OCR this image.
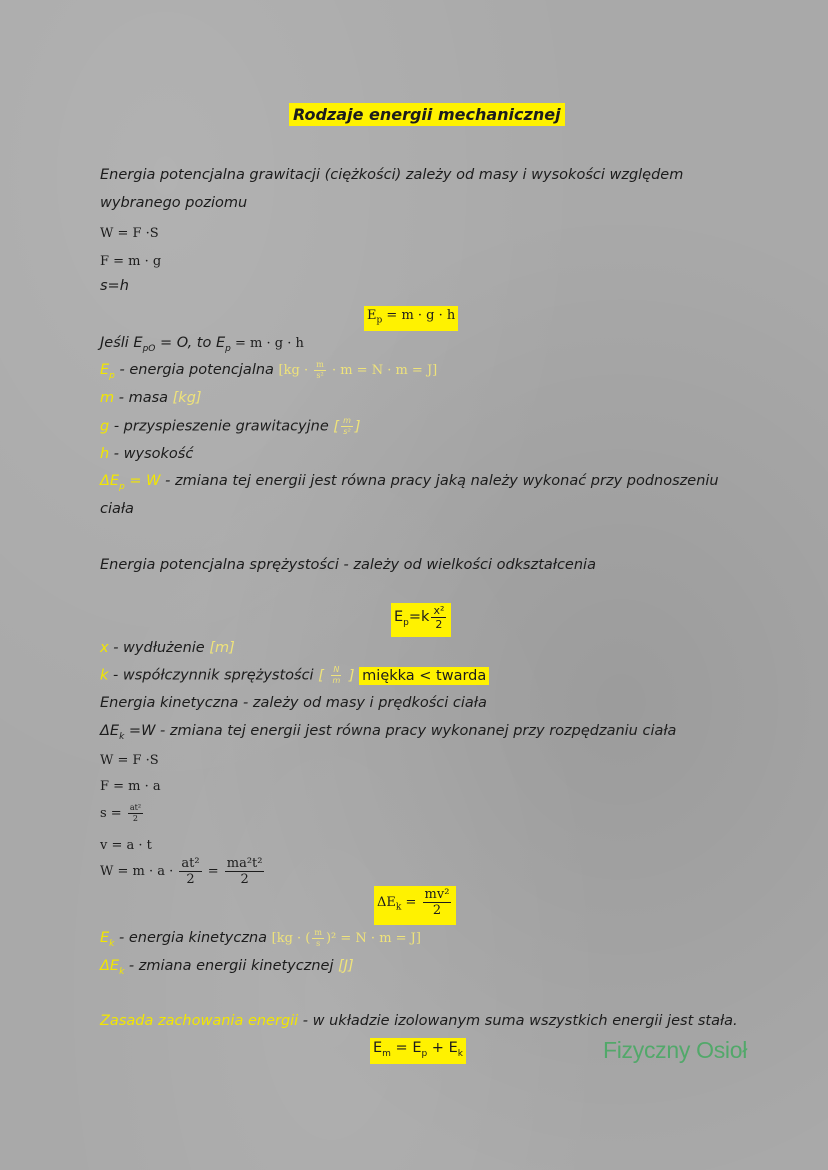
Rodzaje energii mechanicznej
Energia potencjalna grawitacji (ciężkości) zależy od masy i wysokości względem
wybranego poziomu
W = F ·S
F = m · g
s=h
$E_p = m \cdot g \cdot h$
Jeśli $E_{pO} = O$, to $E_p = m \cdot g \cdot h$
$E_p$ - energia potencjalna $[kg \cdot \frac{m}{\text{s²}} \cdot m = N \cdot m = J]$
m - masa [kg]
g - przyspieszenie grawitacyjne [ $\frac{m}{\text{s²}}$ ]
h - wysokość
$\Delta E_p = W$ - zmiana tej energii jest równa pracy jaką należy wykonać przy podnoszeniu
ciała
Energia potencjalna sprężystości - zależy od wielkości odkształcenia
$E_p=k \frac{\text{x²}}{2}$
x - wydłużenie [m]
k - współczynnik sprężystości [ $\frac{N}{m}$ ] miękka < twarda
Energia kinetyczna - zależy od masy i prędkości ciała
$\Delta E_k =W$ - zmiana tej energii jest równa pracy wykonanej przy rozpędzaniu ciała
W = F ·S
F = m · a
$s = \frac{\text{at²}}{2}$
v = a · t
$W = m \cdot a \cdot \frac{\text{at²}}{2} = \frac{\text{ma²t²}}{2}$
$\Delta E_k = \frac{\text{mv²}}{2}$
$E_k$ - energia kinetyczna [kg · ( $\frac{m}{s} )^2 = N \cdot m = J$]
$\Delta E_k$ - zmiana energii kinetycznej [J]
Zasada zachowania energii - w układzie izolowanym suma wszystkich energii jest stała.
$E_m = E_p + E_k$	Fizyczny Osioł
